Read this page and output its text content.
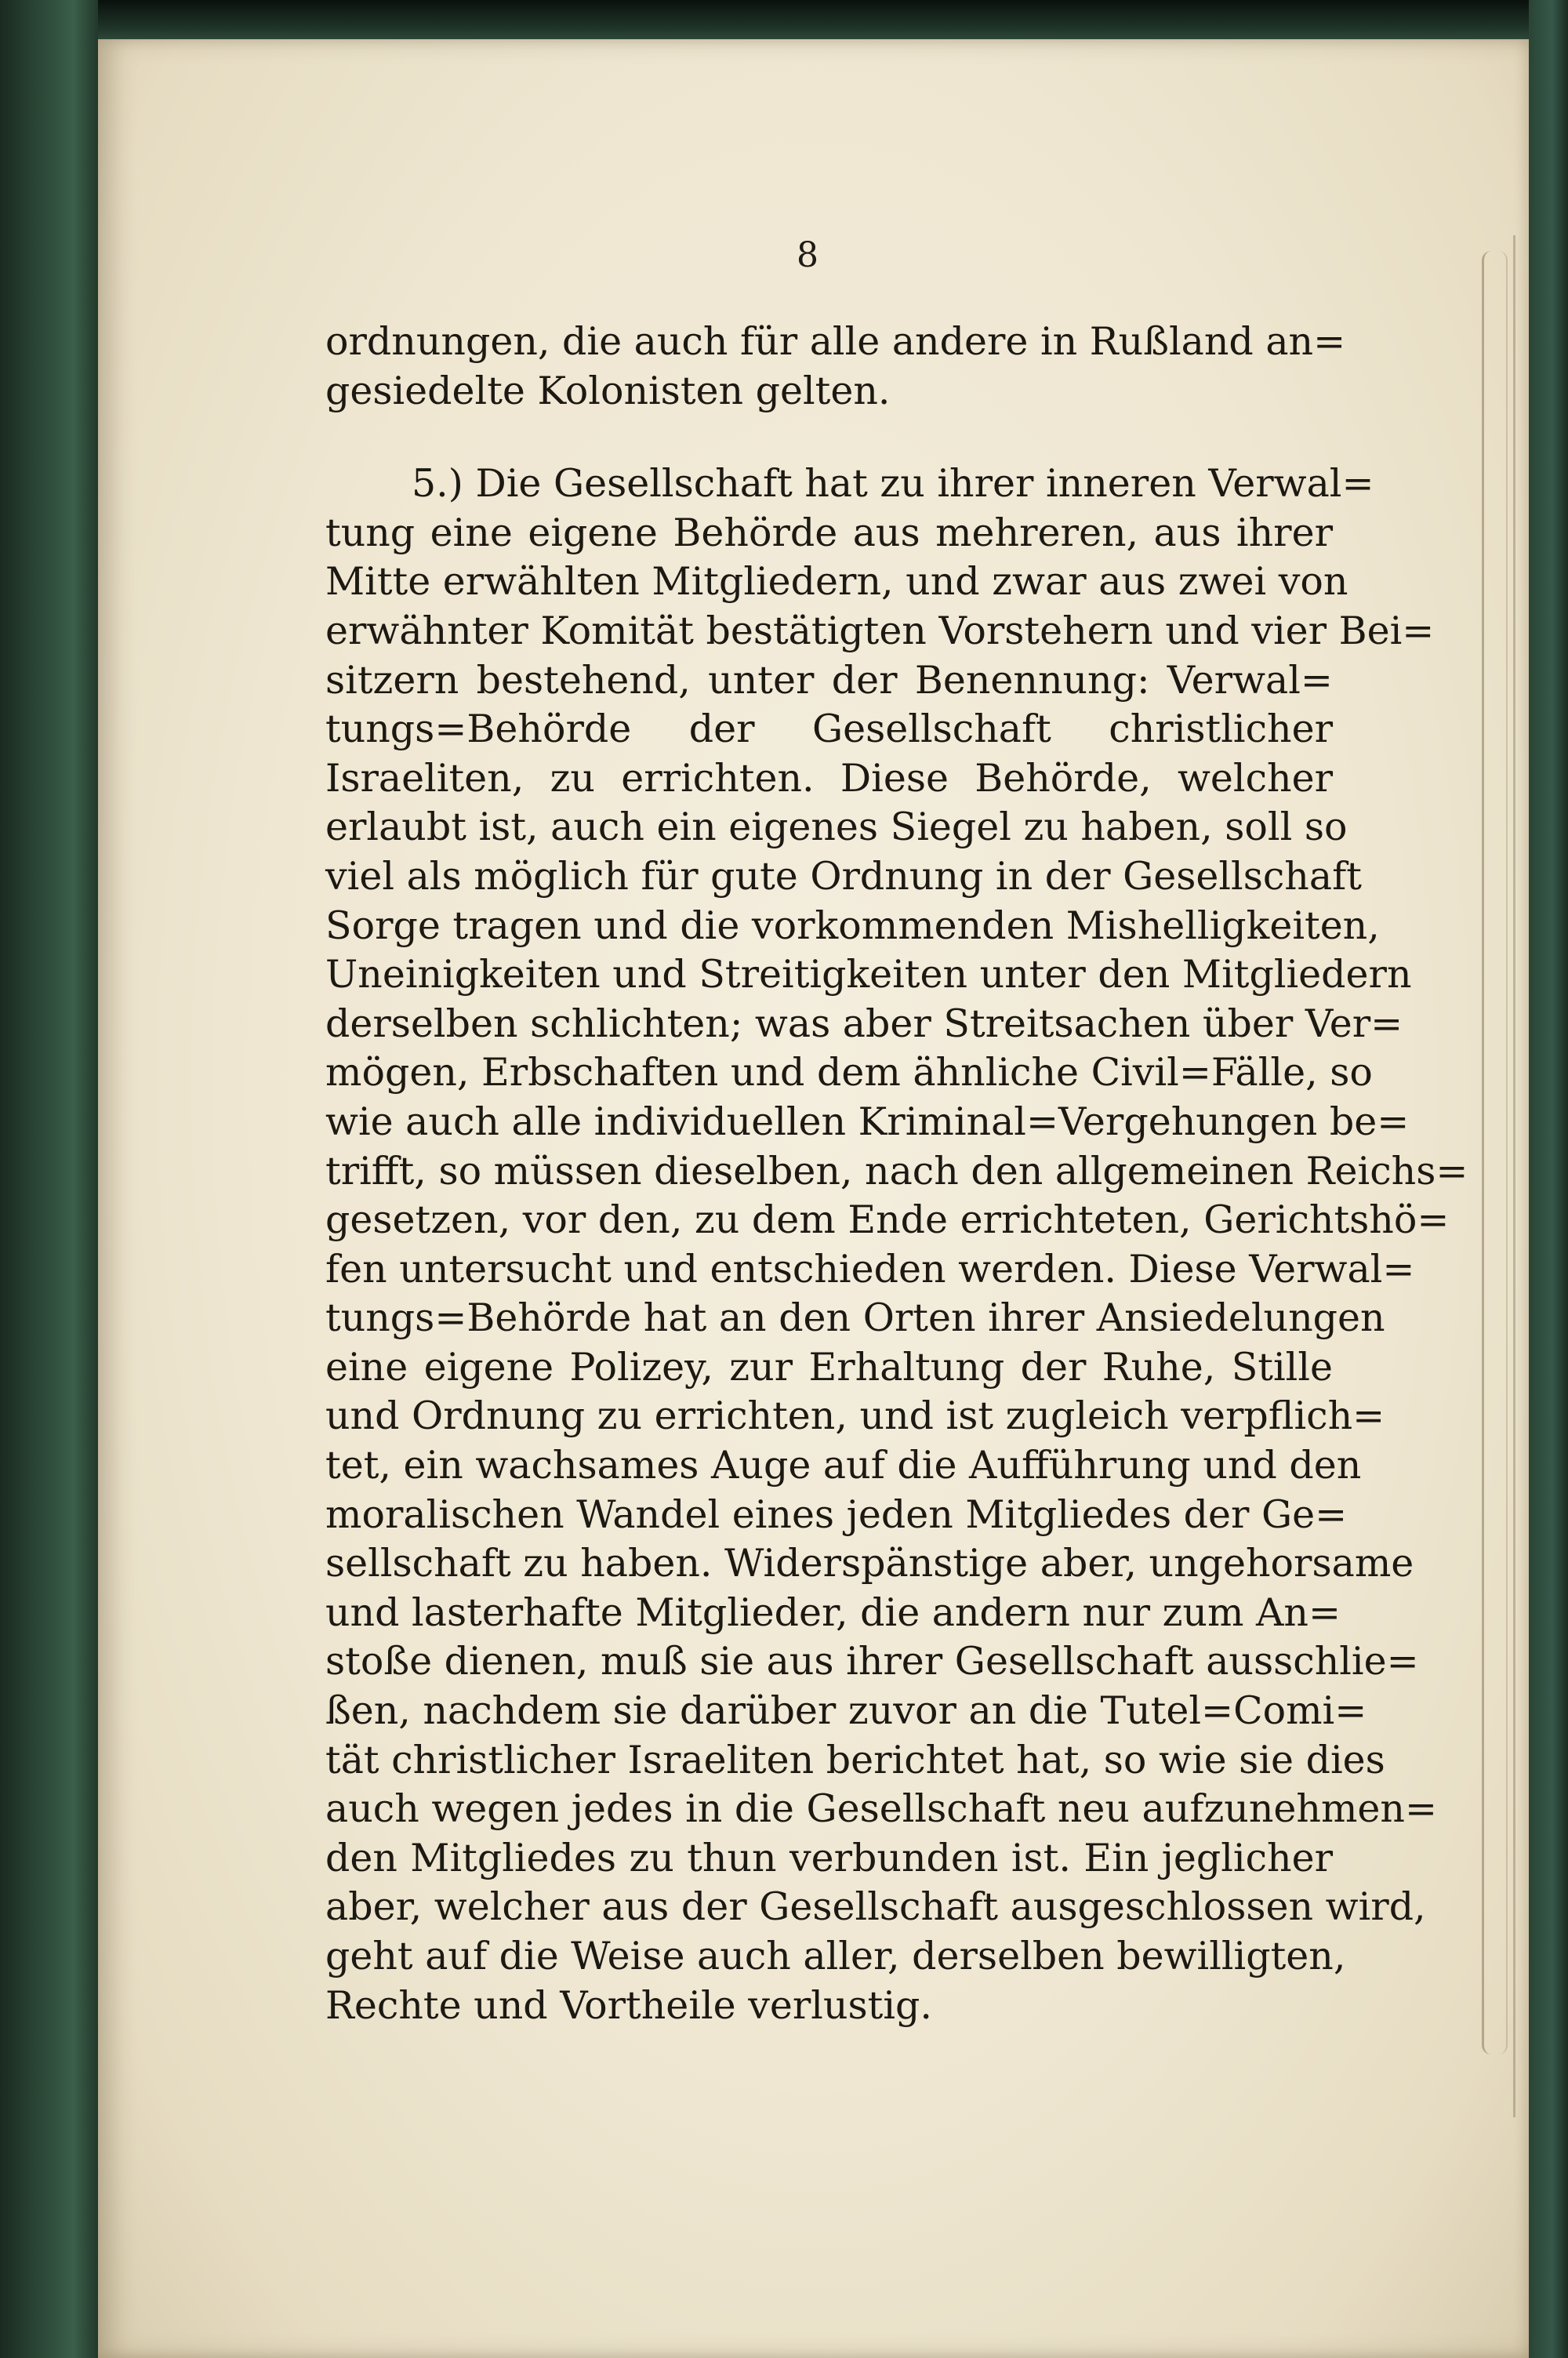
8
ordnungen, die auch für alle andere in Rußland an=
gesiedelte Kolonisten gelten.
5.) Die Gesellschaft hat zu ihrer inneren Verwal=
tung eine eigene Behörde aus mehreren, aus ihrer
Mitte erwählten Mitgliedern, und zwar aus zwei von
erwähnter Komität bestätigten Vorstehern und vier Bei=
sitzern bestehend, unter der Benennung: Verwal=
tungs=Behörde der Gesellschaft christlicher
Israeliten, zu errichten. Diese Behörde, welcher
erlaubt ist, auch ein eigenes Siegel zu haben, soll so
viel als möglich für gute Ordnung in der Gesellschaft
Sorge tragen und die vorkommenden Mishelligkeiten,
Uneinigkeiten und Streitigkeiten unter den Mitgliedern
derselben schlichten; was aber Streitsachen über Ver=
mögen, Erbschaften und dem ähnliche Civil=Fälle, so
wie auch alle individuellen Kriminal=Vergehungen be=
trifft, so müssen dieselben, nach den allgemeinen Reichs=
gesetzen, vor den, zu dem Ende errichteten, Gerichtshö=
fen untersucht und entschieden werden. Diese Verwal=
tungs=Behörde hat an den Orten ihrer Ansiedelungen
eine eigene Polizey, zur Erhaltung der Ruhe, Stille
und Ordnung zu errichten, und ist zugleich verpflich=
tet, ein wachsames Auge auf die Aufführung und den
moralischen Wandel eines jeden Mitgliedes der Ge=
sellschaft zu haben. Widerspänstige aber, ungehorsame
und lasterhafte Mitglieder, die andern nur zum An=
stoße dienen, muß sie aus ihrer Gesellschaft ausschlie=
ßen, nachdem sie darüber zuvor an die Tutel=Comi=
tät christlicher Israeliten berichtet hat, so wie sie dies
auch wegen jedes in die Gesellschaft neu aufzunehmen=
den Mitgliedes zu thun verbunden ist. Ein jeglicher
aber, welcher aus der Gesellschaft ausgeschlossen wird,
geht auf die Weise auch aller, derselben bewilligten,
Rechte und Vortheile verlustig.
